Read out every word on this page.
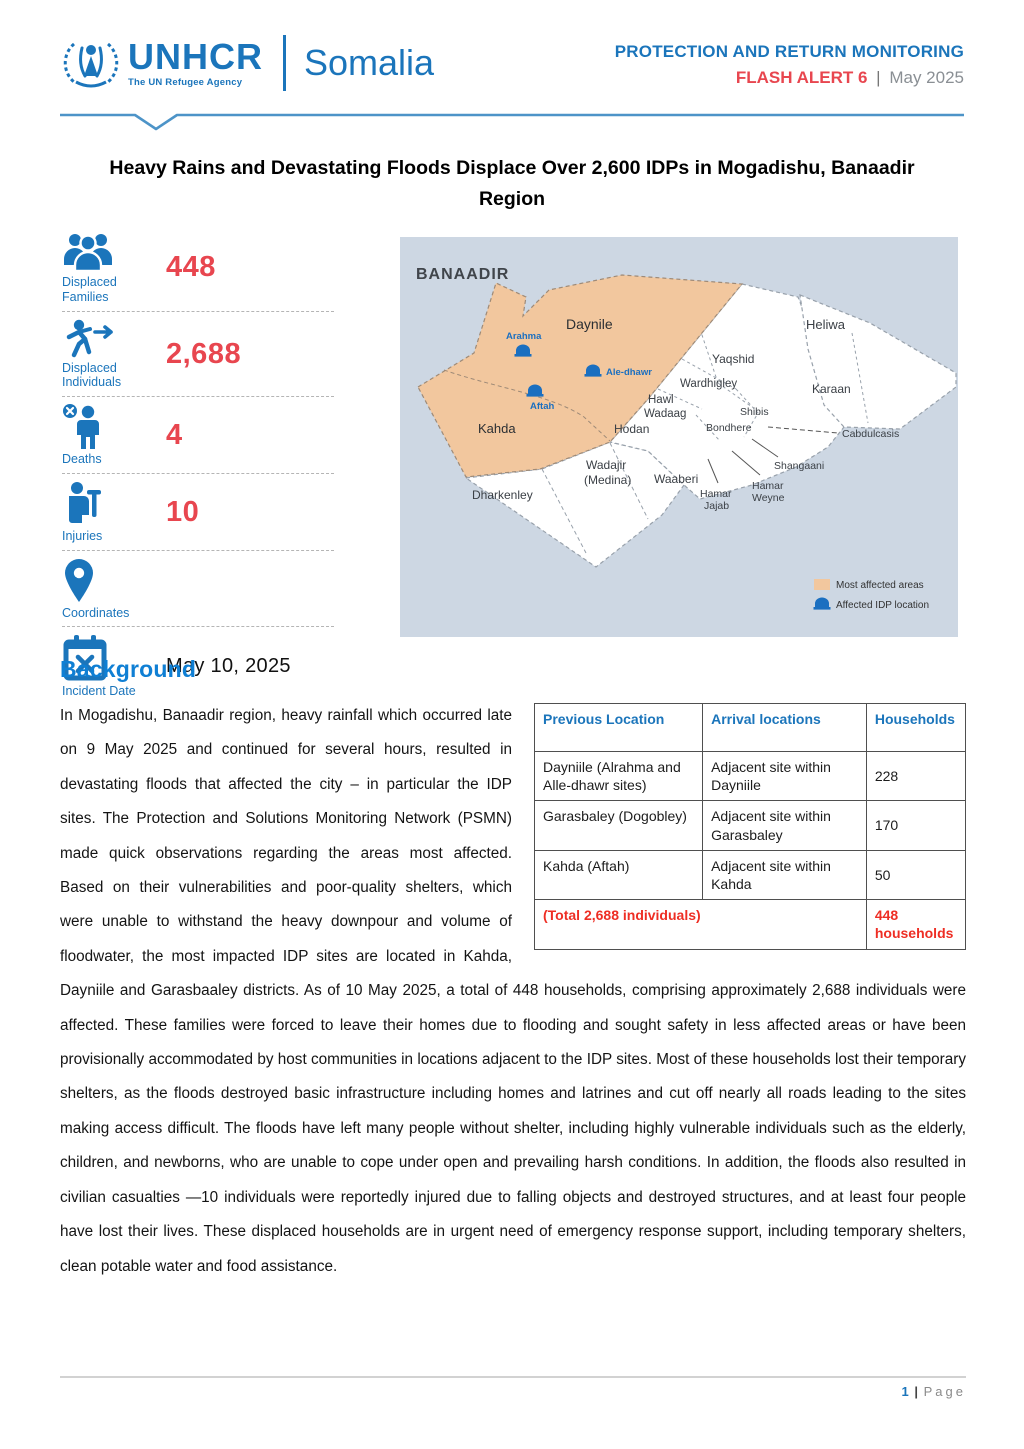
UNHCR
The UN Refugee Agency	Somalia	PROTECTION AND RETURN MONITORING
FLASH ALERT 6 | May 2025
Heavy Rains and Devastating Floods Displace Over 2,600 IDPs in Mogadishu, Banaadir Region
Displaced Families
448
Displaced Individuals
2,688
Deaths
4
Injuries
10
Coordinates
Incident Date
May 10, 2025
BANAADIR
Daynile
Kahda
Heliwa
Yaqshid
Wardhigley
Hawl
Wadaag
Karaan
Hodan
Shibis
Bondhere	Cabdulcasis
Shangaani
Wadajir
(Medina) Waaberi
Dharkenley	Hamar
Jajab
Hamar
Weyne
Arahma
Ale-dhawr
Aftah
Most affected areas
Affected IDP location
Background
Previous Location	Arrival locations	Households
Dayniile (Alrahma and Alle-dhawr sites)	Adjacent site within Dayniile	228
Garasbaley (Dogobley)	Adjacent site within Garasbaley	170
Kahda (Aftah)	Adjacent site within Kahda	50
(Total 2,688 individuals)		448 households

In Mogadishu, Banaadir region, heavy rainfall which occurred late on 9 May 2025 and continued for several hours, resulted in devastating floods that affected the city – in particular the IDP sites. The Protection and Solutions Monitoring Network (PSMN) made quick observations regarding the areas most affected. Based on their vulnerabilities and poor-quality shelters, which were unable to withstand the heavy downpour and volume of floodwater, the most impacted IDP sites are located in Kahda, Dayniile and Garasbaaley districts. As of 10 May 2025, a total of 448 households, comprising approximately 2,688 individuals were affected. These families were forced to leave their homes due to flooding and sought safety in less affected areas or have been provisionally accommodated by host communities in locations adjacent to the IDP sites. Most of these households lost their temporary shelters, as the floods destroyed basic infrastructure including homes and latrines and cut off nearly all roads leading to the sites making access difficult. The floods have left many people without shelter, including highly vulnerable individuals such as the elderly, children, and newborns, who are unable to cope under open and prevailing harsh conditions. In addition, the floods also resulted in civilian casualties —10 individuals were reportedly injured due to falling objects and destroyed structures, and at least four people have lost their lives. These displaced households are in urgent need of emergency response support, including temporary shelters, clean potable water and food assistance.

1 | Page
